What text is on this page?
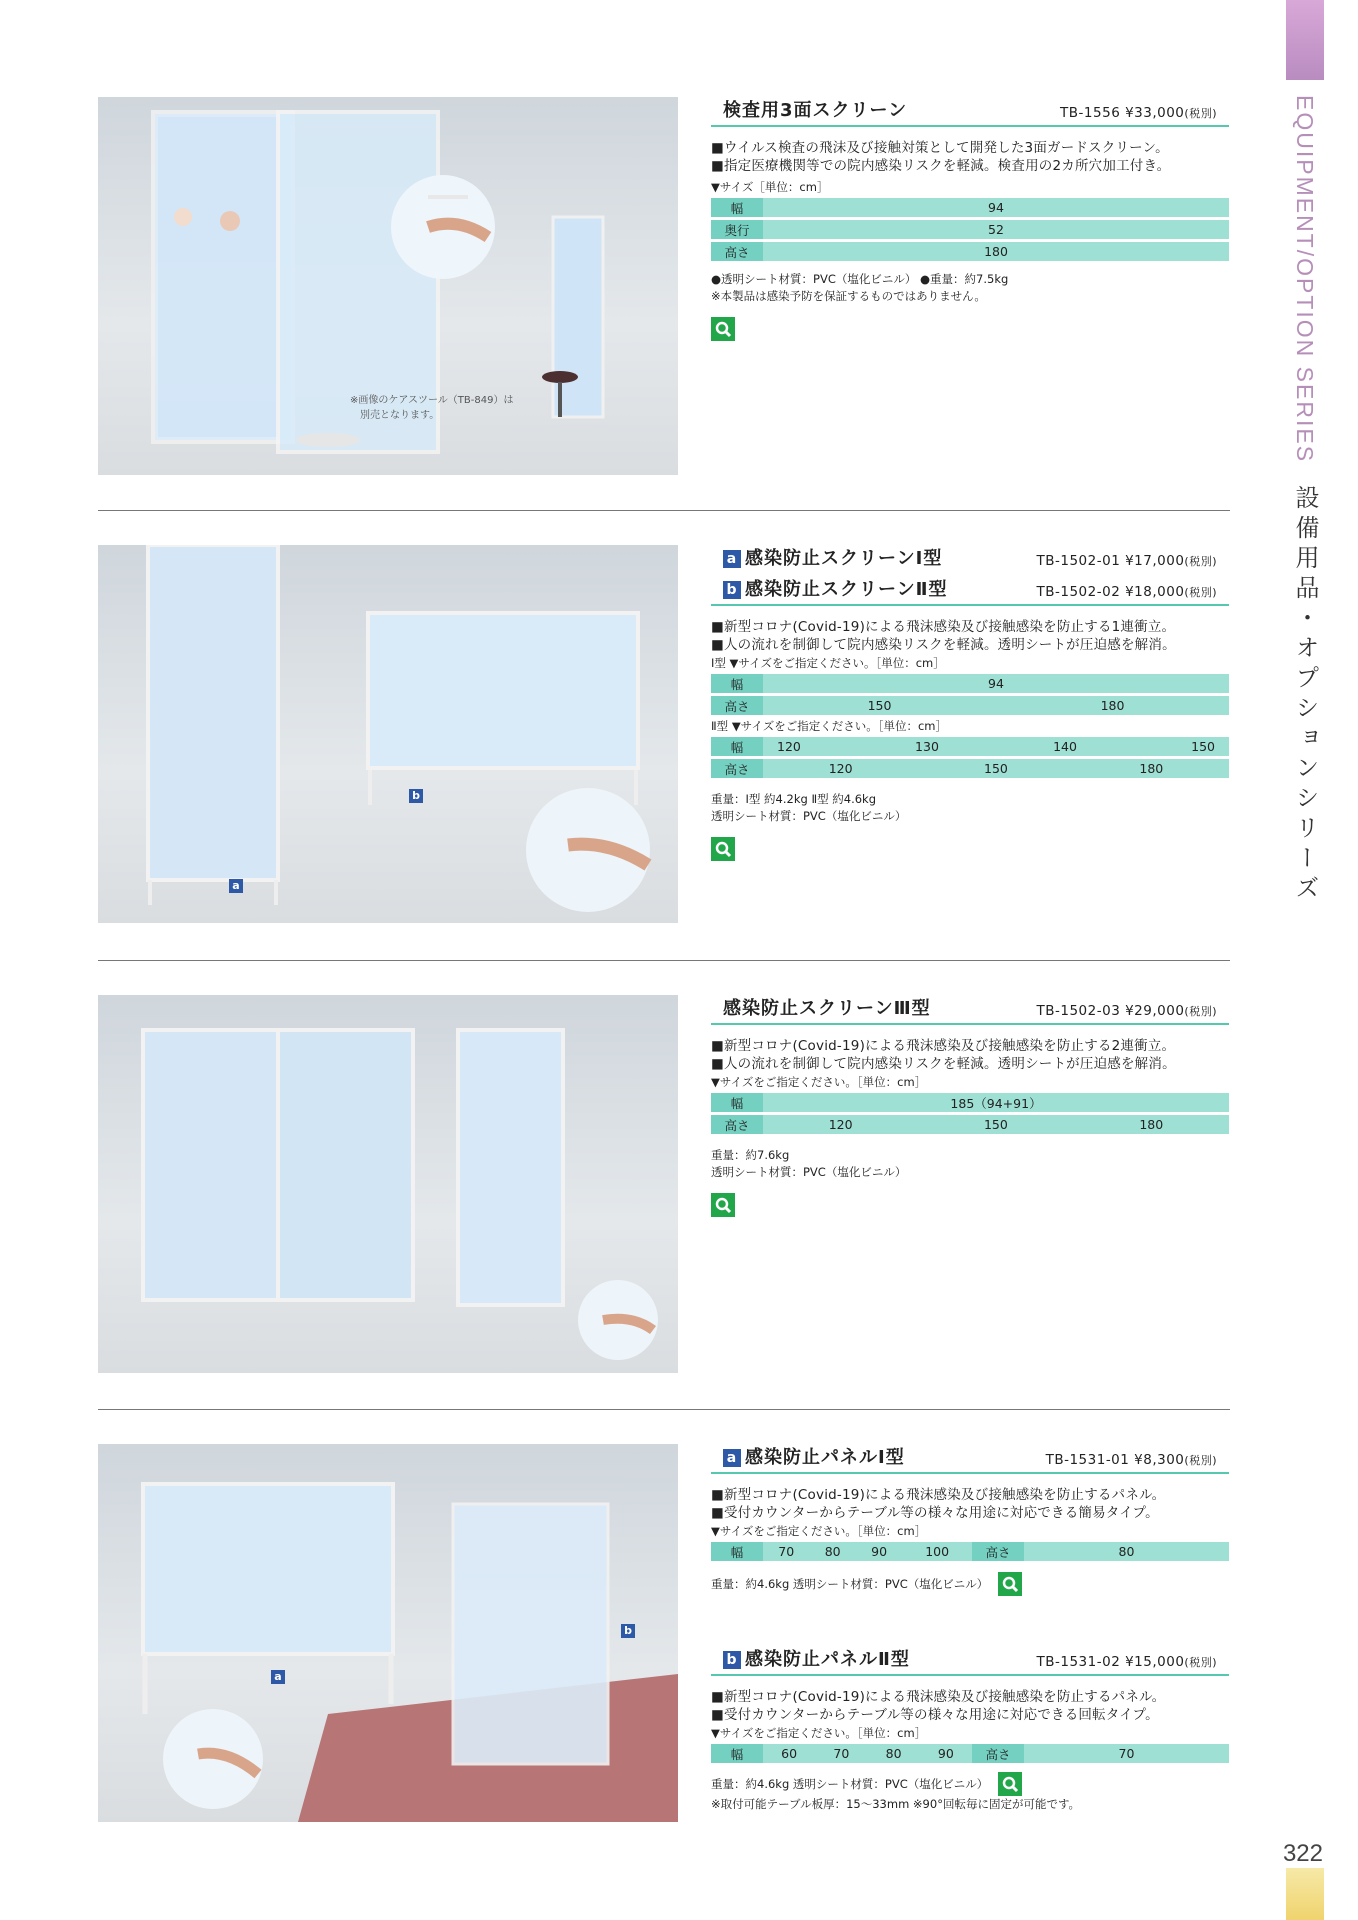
EQUIPMENT/OPTION SERIES 設備用品・オプションシリーズ
322
※画像のケアスツール（TB-849）は
別売となります。
検査用3面スクリーン	TB-1556 ¥33,000(税別)
■ウイルス検査の飛沫及び接触対策として開発した3面ガードスクリーン。
■指定医療機関等での院内感染リスクを軽減。検査用の2カ所穴加工付き。
▼サイズ［単位：cm］
幅	94
奥行	52
高さ	180
●透明シート材質：PVC（塩化ビニル） ●重量：約7.5kg
※本製品は感染予防を保証するものではありません。
b
a
a 感染防止スクリーンⅠ型	TB-1502-01 ¥17,000(税別)
b 感染防止スクリーンⅡ型	TB-1502-02 ¥18,000(税別)
■新型コロナ(Covid-19)による飛沫感染及び接触感染を防止する1連衝立。
■人の流れを制御して院内感染リスクを軽減。透明シートが圧迫感を解消。
Ⅰ型 ▼サイズをご指定ください。［単位：cm］
幅	94	
高さ	150	180
Ⅱ型 ▼サイズをご指定ください。［単位：cm］
幅	120 130 140 150		

高さ	120	150	180
重量：Ⅰ型 約4.2kg Ⅱ型 約4.6kg
透明シート材質：PVC（塩化ビニル）
感染防止スクリーンⅢ型	TB-1502-03 ¥29,000(税別)
■新型コロナ(Covid-19)による飛沫感染及び接触感染を防止する2連衝立。
■人の流れを制御して院内感染リスクを軽減。透明シートが圧迫感を解消。
▼サイズをご指定ください。［単位：cm］
幅	185（94+91）		
高さ	120	150	180
重量：約7.6kg
透明シート材質：PVC（塩化ビニル）
b
a
a 感染防止パネルⅠ型	TB-1531-01 ¥8,300(税別)
■新型コロナ(Covid-19)による飛沫感染及び接触感染を防止するパネル。
■受付カウンターからテーブル等の様々な用途に対応できる簡易タイプ。
▼サイズをご指定ください。［単位：cm］
幅	70	80	90	100	高さ	80
重量：約4.6kg 透明シート材質：PVC（塩化ビニル）
b 感染防止パネルⅡ型	TB-1531-02 ¥15,000(税別)
■新型コロナ(Covid-19)による飛沫感染及び接触感染を防止するパネル。
■受付カウンターからテーブル等の様々な用途に対応できる回転タイプ。
▼サイズをご指定ください。［単位：cm］
幅	60	70	80	90	高さ	70
重量：約4.6kg 透明シート材質：PVC（塩化ビニル）
※取付可能テーブル板厚：15～33mm ※90°回転毎に固定が可能です。
